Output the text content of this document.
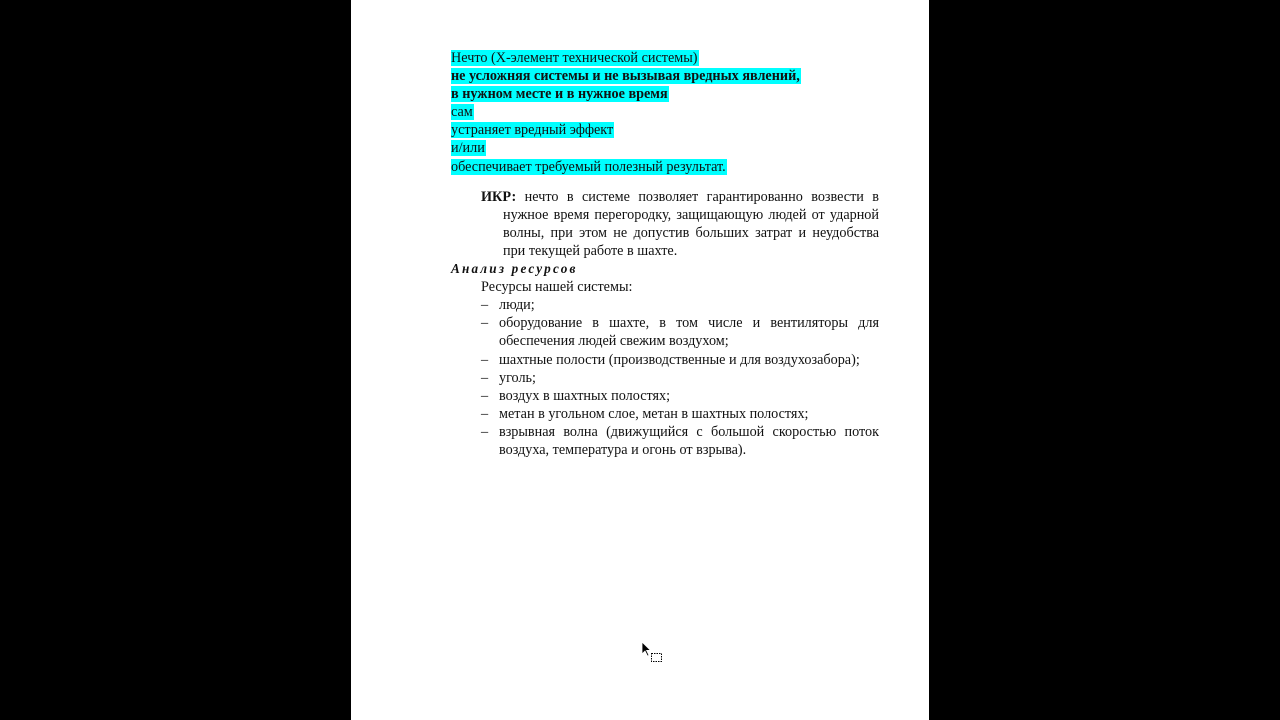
Нечто (Х-элемент технической системы)
не усложняя системы и не вызывая вредных явлений,
в нужном месте и в нужное время
сам
устраняет вредный эффект
и/или
обеспечивает требуемый полезный результат.
ИКР: нечто в системе позволяет гарантированно возвести в нужное время перегородку, защищающую людей от ударной волны, при этом не допустив больших затрат и неудобства при текущей работе в шахте.
Анализ ресурсов
Ресурсы нашей системы:
– люди;
– оборудование в шахте, в том числе и вентиляторы для обеспечения людей свежим воздухом;
– шахтные полости (производственные и для воздухозабора);
– уголь;
– воздух в шахтных полостях;
– метан в угольном слое, метан в шахтных полостях;
– взрывная волна (движущийся с большой скоростью поток воздуха, температура и огонь от взрыва).
